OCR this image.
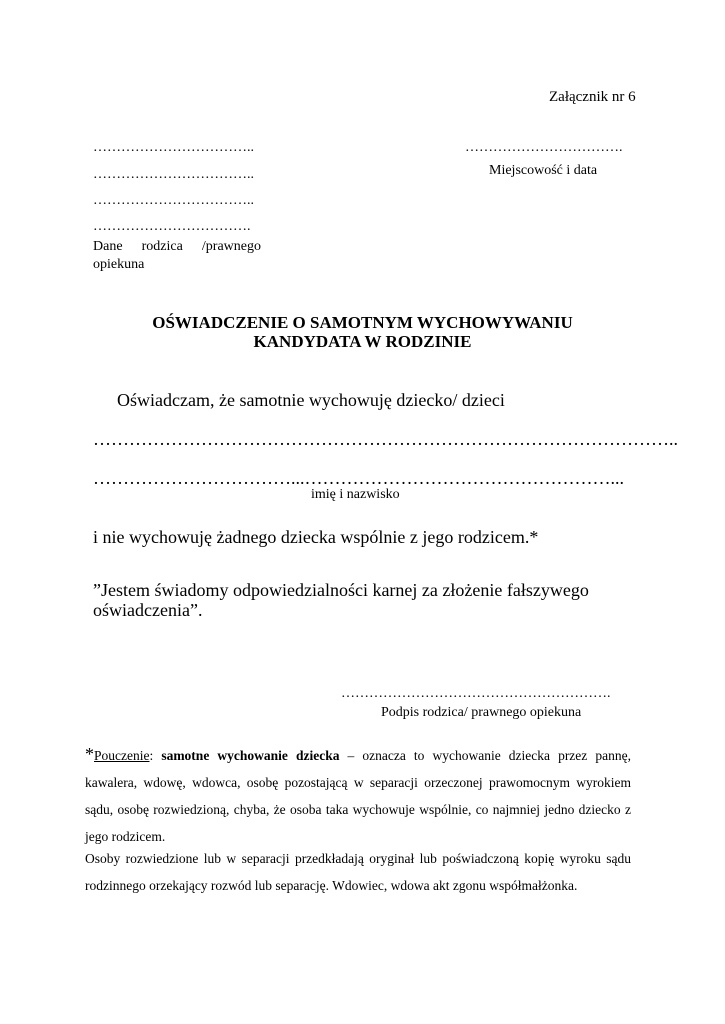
Załącznik nr 6
……………………………..
……………………………..
……………………………..
…………………………….
Dane rodzica /prawnego opiekuna
…………………………….
Miejscowość i data
OŚWIADCZENIE O SAMOTNYM WYCHOWYWANIU
KANDYDATA W RODZINIE
Oświadczam, że samotnie wychowuję dziecko/ dzieci
……………………………………………………………………………………..
……………………………...……………………………………………...
imię i nazwisko
i nie wychowuję żadnego dziecka wspólnie z jego rodzicem.*
”Jestem świadomy odpowiedzialności karnej za złożenie fałszywego oświadczenia”.
………………………………………………….
Podpis rodzica/ prawnego opiekuna
*Pouczenie: samotne wychowanie dziecka – oznacza to wychowanie dziecka przez pannę, kawalera, wdowę, wdowca, osobę pozostającą w separacji orzeczonej prawomocnym wyrokiem sądu, osobę rozwiedzioną, chyba, że osoba taka wychowuje wspólnie, co najmniej jedno dziecko z jego rodzicem.
Osoby rozwiedzione lub w separacji przedkładają oryginał lub poświadczoną kopię wyroku sądu rodzinnego orzekający rozwód lub separację. Wdowiec, wdowa akt zgonu współmałżonka.
